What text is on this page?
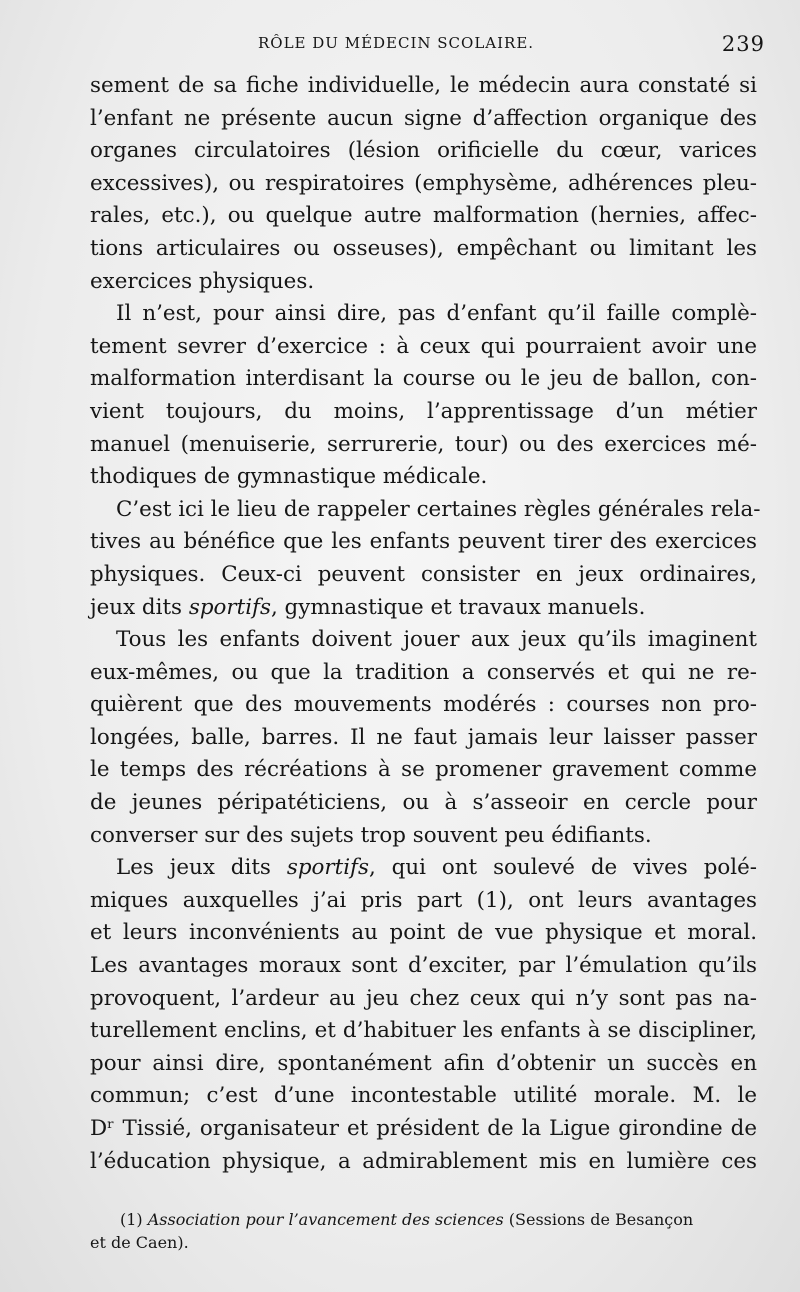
RÔLE DU MÉDECIN SCOLAIRE.	239
sement de sa fiche individuelle, le médecin aura constaté si
l’enfant ne présente aucun signe d’affection organique des
organes circulatoires (lésion orificielle du cœur, varices
excessives), ou respiratoires (emphysème, adhérences pleu-
rales, etc.), ou quelque autre malformation (hernies, affec-
tions articulaires ou osseuses), empêchant ou limitant les
exercices physiques.
Il n’est, pour ainsi dire, pas d’enfant qu’il faille complè-
tement sevrer d’exercice : à ceux qui pourraient avoir une
malformation interdisant la course ou le jeu de ballon, con-
vient toujours, du moins, l’apprentissage d’un métier
manuel (menuiserie, serrurerie, tour) ou des exercices mé-
thodiques de gymnastique médicale.
C’est ici le lieu de rappeler certaines règles générales rela-
tives au bénéfice que les enfants peuvent tirer des exercices
physiques. Ceux-ci peuvent consister en jeux ordinaires,
jeux dits sportifs, gymnastique et travaux manuels.
Tous les enfants doivent jouer aux jeux qu’ils imaginent
eux-mêmes, ou que la tradition a conservés et qui ne re-
quièrent que des mouvements modérés : courses non pro-
longées, balle, barres. Il ne faut jamais leur laisser passer
le temps des récréations à se promener gravement comme
de jeunes péripatéticiens, ou à s’asseoir en cercle pour
converser sur des sujets trop souvent peu édifiants.
Les jeux dits sportifs, qui ont soulevé de vives polé-
miques auxquelles j’ai pris part (1), ont leurs avantages
et leurs inconvénients au point de vue physique et moral.
Les avantages moraux sont d’exciter, par l’émulation qu’ils
provoquent, l’ardeur au jeu chez ceux qui n’y sont pas na-
turellement enclins, et d’habituer les enfants à se discipliner,
pour ainsi dire, spontanément afin d’obtenir un succès en
commun; c’est d’une incontestable utilité morale. M. le
Dʳ Tissié, organisateur et président de la Ligue girondine de
l’éducation physique, a admirablement mis en lumière ces
(1) Association pour l’avancement des sciences (Sessions de Besançon
et de Caen).
